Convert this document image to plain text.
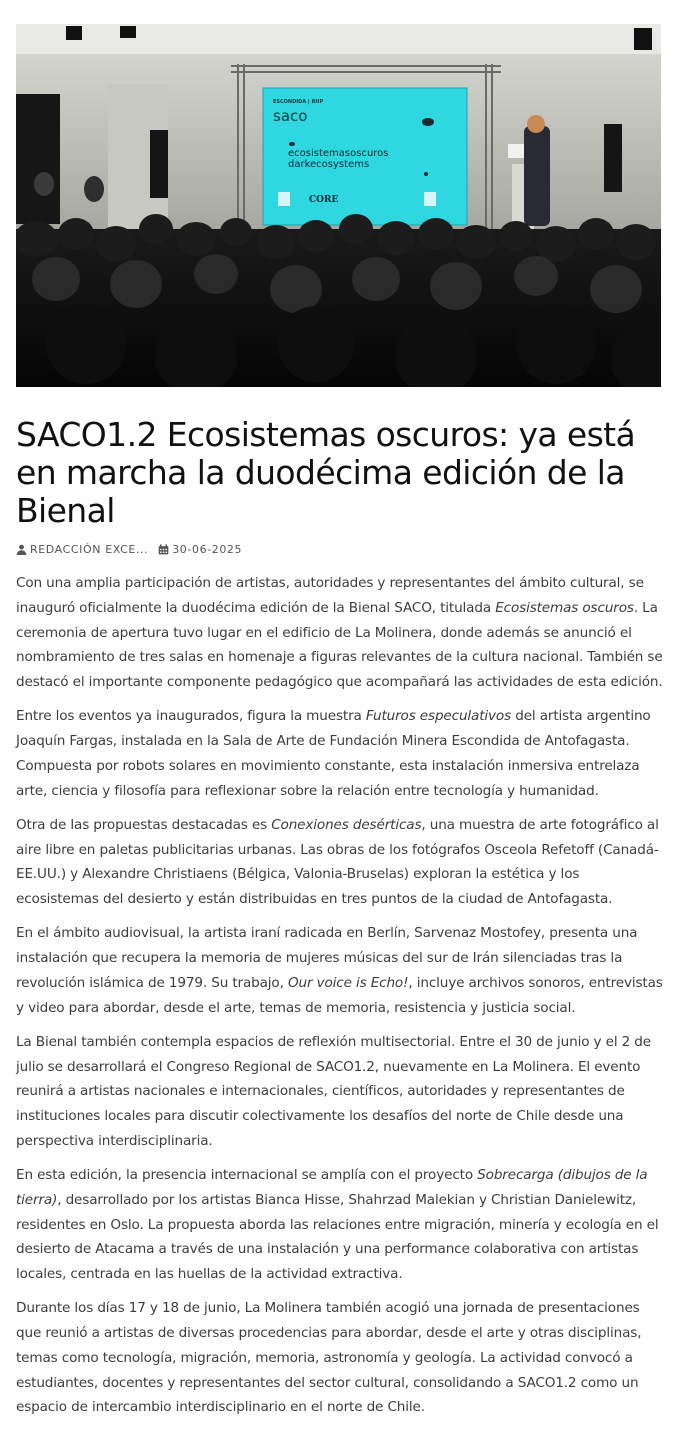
ESCONDIDA | BHP
saco
ecosistemasoscuros
darkecosystems
CORE
SACO1.2 Ecosistemas oscuros: ya está en marcha la duodécima edición de la Bienal
REDACCIÓN EXCE... 30-06-2025

Con una amplia participación de artistas, autoridades y representantes del ámbito cultural, se inauguró oficialmente la duodécima edición de la Bienal SACO, titulada Ecosistemas oscuros. La ceremonia de apertura tuvo lugar en el edificio de La Molinera, donde además se anunció el nombramiento de tres salas en homenaje a figuras relevantes de la cultura nacional. También se destacó el importante componente pedagógico que acompañará las actividades de esta edición.

Entre los eventos ya inaugurados, figura la muestra Futuros especulativos del artista argentino Joaquín Fargas, instalada en la Sala de Arte de Fundación Minera Escondida de Antofagasta. Compuesta por robots solares en movimiento constante, esta instalación inmersiva entrelaza arte, ciencia y filosofía para reflexionar sobre la relación entre tecnología y humanidad.

Otra de las propuestas destacadas es Conexiones desérticas, una muestra de arte fotográfico al aire libre en paletas publicitarias urbanas. Las obras de los fotógrafos Osceola Refetoff (Canadá-EE.UU.) y Alexandre Christiaens (Bélgica, Valonia-Bruselas) exploran la estética y los ecosistemas del desierto y están distribuidas en tres puntos de la ciudad de Antofagasta.

En el ámbito audiovisual, la artista iraní radicada en Berlín, Sarvenaz Mostofey, presenta una instalación que recupera la memoria de mujeres músicas del sur de Irán silenciadas tras la revolución islámica de 1979. Su trabajo, Our voice is Echo!, incluye archivos sonoros, entrevistas y video para abordar, desde el arte, temas de memoria, resistencia y justicia social.

La Bienal también contempla espacios de reflexión multisectorial. Entre el 30 de junio y el 2 de julio se desarrollará el Congreso Regional de SACO1.2, nuevamente en La Molinera. El evento reunirá a artistas nacionales e internacionales, científicos, autoridades y representantes de instituciones locales para discutir colectivamente los desafíos del norte de Chile desde una perspectiva interdisciplinaria.

En esta edición, la presencia internacional se amplía con el proyecto Sobrecarga (dibujos de la tierra), desarrollado por los artistas Bianca Hisse, Shahrzad Malekian y Christian Danielewitz, residentes en Oslo. La propuesta aborda las relaciones entre migración, minería y ecología en el desierto de Atacama a través de una instalación y una performance colaborativa con artistas locales, centrada en las huellas de la actividad extractiva.

Durante los días 17 y 18 de junio, La Molinera también acogió una jornada de presentaciones que reunió a artistas de diversas procedencias para abordar, desde el arte y otras disciplinas, temas como tecnología, migración, memoria, astronomía y geología. La actividad convocó a estudiantes, docentes y representantes del sector cultural, consolidando a SACO1.2 como un espacio de intercambio interdisciplinario en el norte de Chile.
